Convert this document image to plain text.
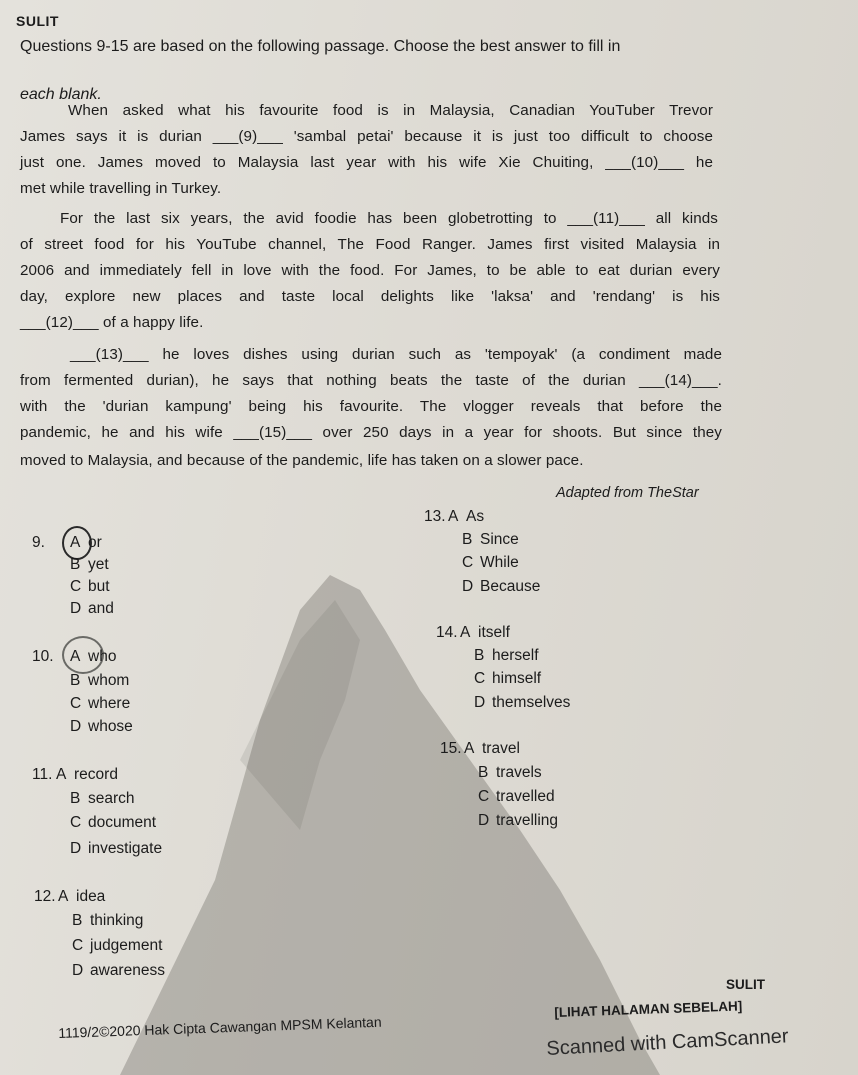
SULIT
Questions 9-15 are based on the following passage. Choose the best answer to fill in
each blank.
When asked what his favourite food is in Malaysia, Canadian YouTuber Trevor
James says it is durian ___(9)___ 'sambal petai' because it is just too difficult to choose
just one. James moved to Malaysia last year with his wife Xie Chuiting, ___(10)___ he
met while travelling in Turkey.
For the last six years, the avid foodie has been globetrotting to ___(11)___ all kinds
of street food for his YouTube channel, The Food Ranger. James first visited Malaysia in
2006 and immediately fell in love with the food. For James, to be able to eat durian every
day, explore new places and taste local delights like 'laksa' and 'rendang' is his
___(12)___ of a happy life.
___(13)___ he loves dishes using durian such as 'tempoyak' (a condiment made
from fermented durian), he says that nothing beats the taste of the durian ___(14)___.
with the 'durian kampung' being his favourite. The vlogger reveals that before the
pandemic, he and his wife ___(15)___ over 250 days in a year for shoots. But since they
moved to Malaysia, and because of the pandemic, life has taken on a slower pace.
Adapted from TheStar
9. A or
B yet
C but
D and
10. A who
B whom
C where
D whose
11. A record
B search
C document
D investigate
12. A idea
B thinking
C judgement
D awareness
13. A As
B Since
C While
D Because
14. A itself
B herself
C himself
D themselves
15. A travel
B travels
C travelled
D travelling
SULIT
[LIHAT HALAMAN SEBELAH]
1119/2©2020 Hak Cipta Cawangan MPSM Kelantan	Scanned with CamScanner
